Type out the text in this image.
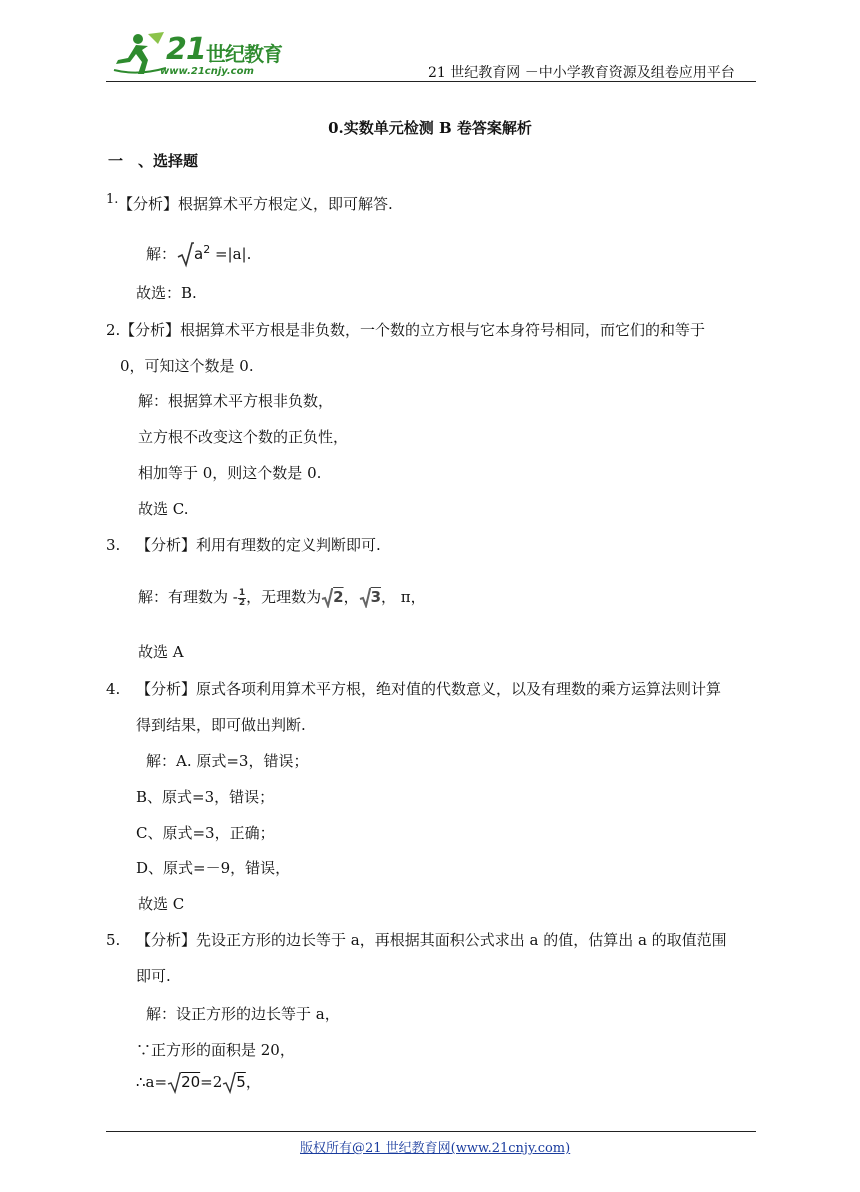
21 世纪教育
www.21cnjy.com	21 世纪教育网 －中小学教育资源及组卷应用平台
0.实数单元检测 B 卷答案解析
一　、选择题
1. 【分析】根据算术平方根定义，即可解答.
解： $a^2 =|a|$.
故选：B.
2. 【分析】根据算术平方根是非负数，一个数的立方根与它本身符号相同，而它们的和等于
0，可知这个数是 0.
解：根据算术平方根非负数，
立方根不改变这个数的正负性，
相加等于 0，则这个数是 0.
故选 C.
3. 【分析】利用有理数的定义判断即可.
解：有理数为 - $\frac{1}{2}$ ，无理数为 2， 3， π，
故选 A
4. 【分析】原式各项利用算术平方根，绝对值的代数意义，以及有理数的乘方运算法则计算
得到结果，即可做出判断.
解：A. 原式=3，错误；
B、原式=3，错误；
C、原式=3，正确；
D、原式=－9，错误，
故选 C
5. 【分析】先设正方形的边长等于 a，再根据其面积公式求出 a 的值，估算出 a 的取值范围
即可.
解：设正方形的边长等于 a，
∵正方形的面积是 20，
∴a= 20=2 5，
版权所有@21 世纪教育网(www.21cnjy.com)
